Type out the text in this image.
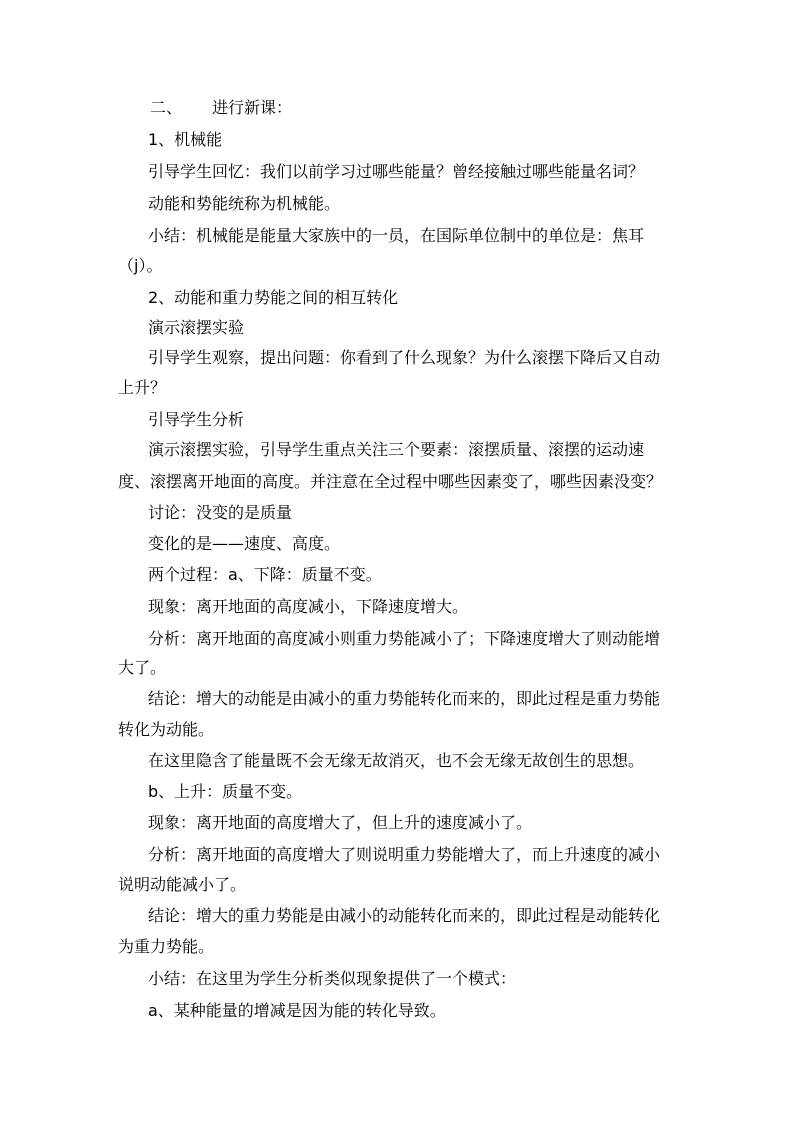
二、 进行新课：
1、机械能
引导学生回忆：我们以前学习过哪些能量？曾经接触过哪些能量名词？
动能和势能统称为机械能。
小结：机械能是能量大家族中的一员，在国际单位制中的单位是：焦耳
（j）。
2、动能和重力势能之间的相互转化
演示滚摆实验
引导学生观察，提出问题：你看到了什么现象？为什么滚摆下降后又自动
上升？
引导学生分析
演示滚摆实验，引导学生重点关注三个要素：滚摆质量、滚摆的运动速
度、滚摆离开地面的高度。并注意在全过程中哪些因素变了，哪些因素没变？
讨论：没变的是质量
变化的是——速度、高度。
两个过程：a、下降：质量不变。
现象：离开地面的高度减小，下降速度增大。
分析：离开地面的高度减小则重力势能减小了；下降速度增大了则动能增
大了。
结论：增大的动能是由减小的重力势能转化而来的，即此过程是重力势能
转化为动能。
在这里隐含了能量既不会无缘无故消灭，也不会无缘无故创生的思想。
b、上升：质量不变。
现象：离开地面的高度增大了，但上升的速度减小了。
分析：离开地面的高度增大了则说明重力势能增大了，而上升速度的减小
说明动能减小了。
结论：增大的重力势能是由减小的动能转化而来的，即此过程是动能转化
为重力势能。
小结：在这里为学生分析类似现象提供了一个模式：
a、某种能量的增减是因为能的转化导致。
